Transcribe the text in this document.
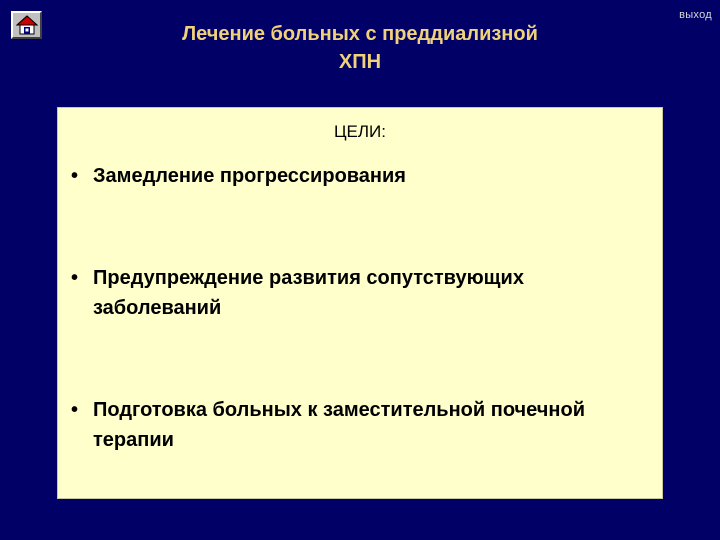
выход
Лечение больных с преддиализной
ХПН
ЦЕЛИ:
• Замедление прогрессирования
• Предупреждение развития сопутствующих заболеваний
• Подготовка больных к заместительной почечной терапии
